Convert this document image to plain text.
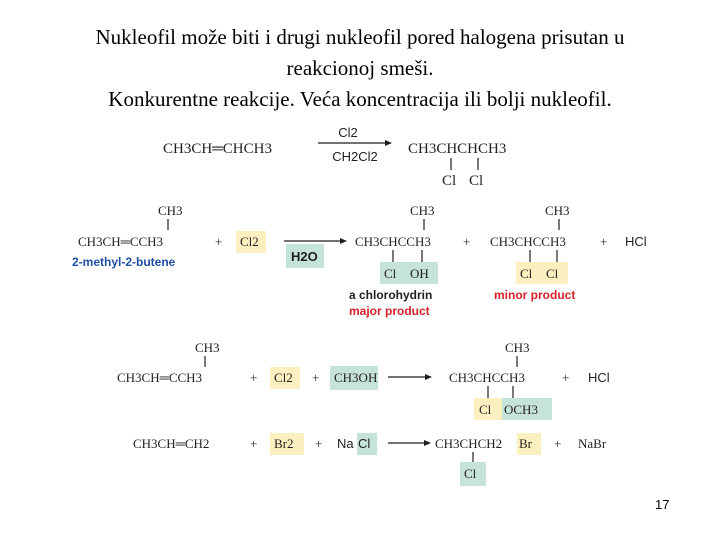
Nukleofil može biti i drugi nukleofil pored halogena prisutan u
reakcionoj smeši.
Konkurentne reakcije. Veća koncentracija ili bolji nukleofil.
CH3CH═CHCH3
Cl2
CH2Cl2 CH3CHCHCH3
Cl Cl
CH3
CH3CH═CCH3
2-methyl-2-butene
+ Cl2
H2O
CH3
CH3CHCCH3
Cl OH
a chlorohydrin
major product
+
CH3
CH3CHCCH3
Cl Cl
minor product
+ HCl
CH3
CH3CH═CCH3	+ Cl2 + CH3OH
CH3
CH3CHCCH3
Cl OCH3
+ HCl
CH3CH═CH2	+ Br2 + Na Cl	CH3CHCH2 Br
Cl
+ NaBr
17
